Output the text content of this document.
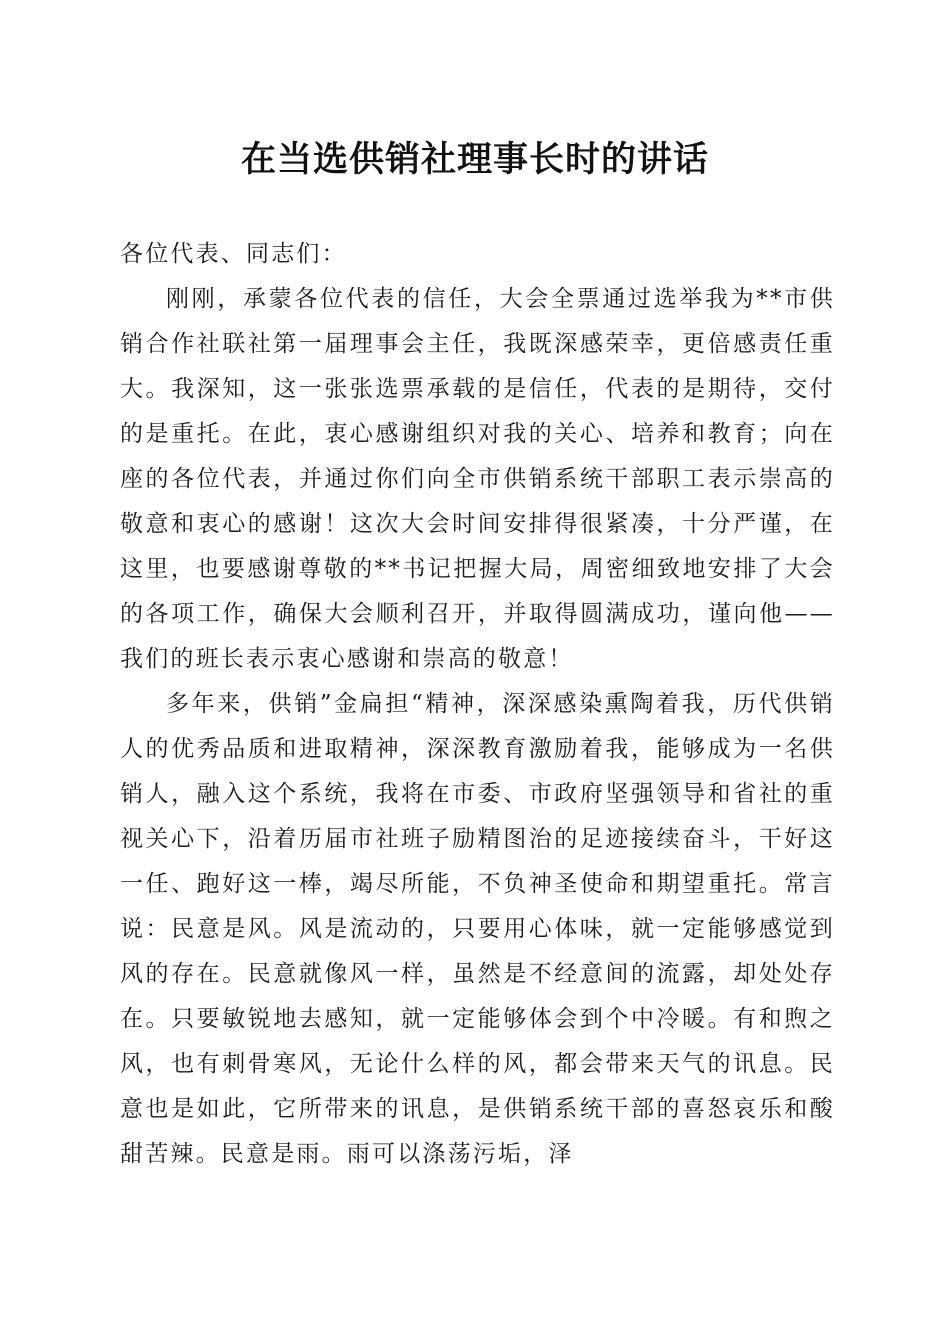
在当选供销社理事长时的讲话

各位代表、同志们：

刚刚，承蒙各位代表的信任，大会全票通过选举我为**市供销合作社联社第一届理事会主任，我既深感荣幸，更倍感责任重大。我深知，这一张张选票承载的是信任，代表的是期待，交付的是重托。在此，衷心感谢组织对我的关心、培养和教育；向在座的各位代表，并通过你们向全市供销系统干部职工表示崇高的敬意和衷心的感谢！这次大会时间安排得很紧凑，十分严谨，在这里，也要感谢尊敬的**书记把握大局，周密细致地安排了大会的各项工作，确保大会顺利召开，并取得圆满成功，谨向他——我们的班长表示衷心感谢和崇高的敬意！

多年来，供销”金扁担“精神，深深感染熏陶着我，历代供销人的优秀品质和进取精神，深深教育激励着我，能够成为一名供销人，融入这个系统，我将在市委、市政府坚强领导和省社的重视关心下，沿着历届市社班子励精图治的足迹接续奋斗，干好这一任、跑好这一棒，竭尽所能，不负神圣使命和期望重托。常言说：民意是风。风是流动的，只要用心体味，就一定能够感觉到风的存在。民意就像风一样，虽然是不经意间的流露，却处处存在。只要敏锐地去感知，就一定能够体会到个中冷暖。有和煦之风，也有刺骨寒风，无论什么样的风，都会带来天气的讯息。民意也是如此，它所带来的讯息，是供销系统干部的喜怒哀乐和酸甜苦辣。民意是雨。雨可以涤荡污垢，泽
